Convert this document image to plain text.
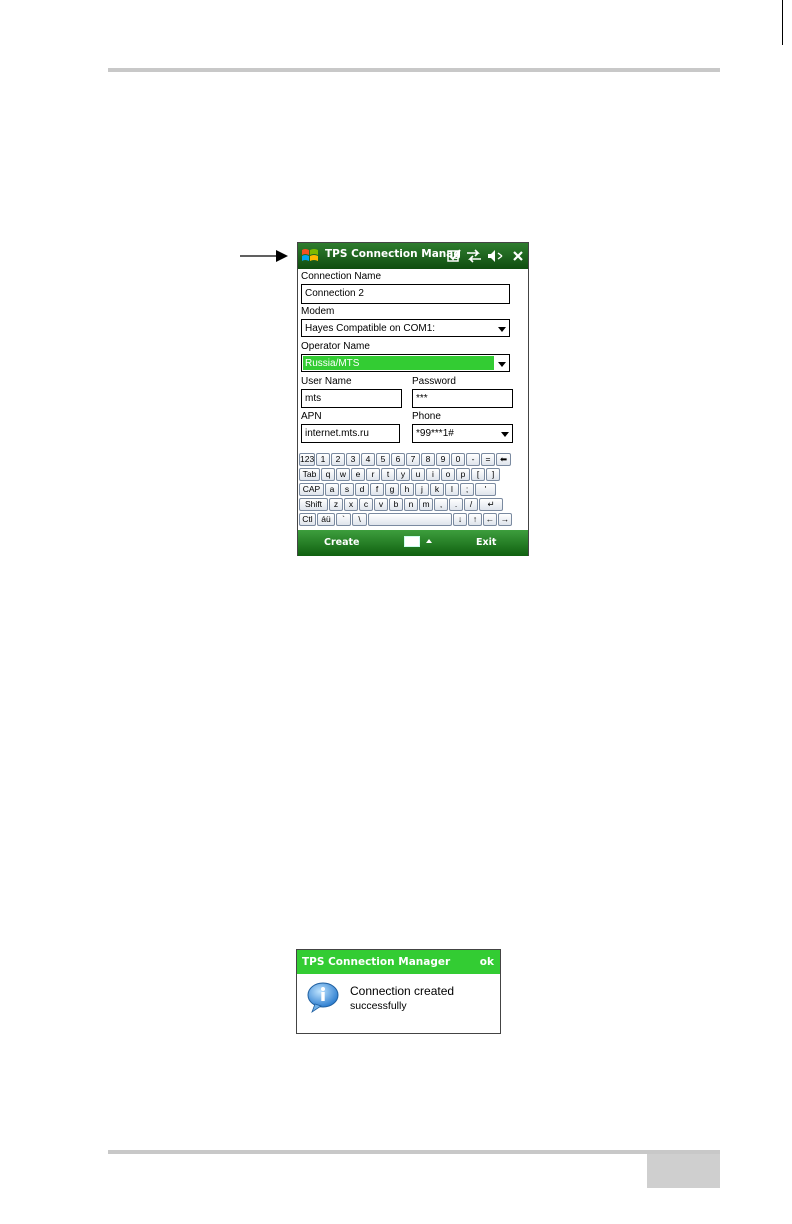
TPS Connection Manag
Connection Name
Connection 2
Modem
Hayes Compatible on COM1:
Operator Name
Russia/MTS
User Name
mts
Password
***
APN
internet.mts.ru
Phone
*99***1#
123 1	2	3	4	5	6	7	8	9	0	-	=	⬅
Tab	q	w	e	r	t	y	u	i	o	p	[	]
CAP	a	s	d	f	g	h	j	k	l	;	'
Shift	z	x	c	v	b	n	m	,	.	/	↵
Ctl	áü	`	\	↓	↑	← →
Create	Exit
TPS Connection Manager	ok
Connection created
successfully
